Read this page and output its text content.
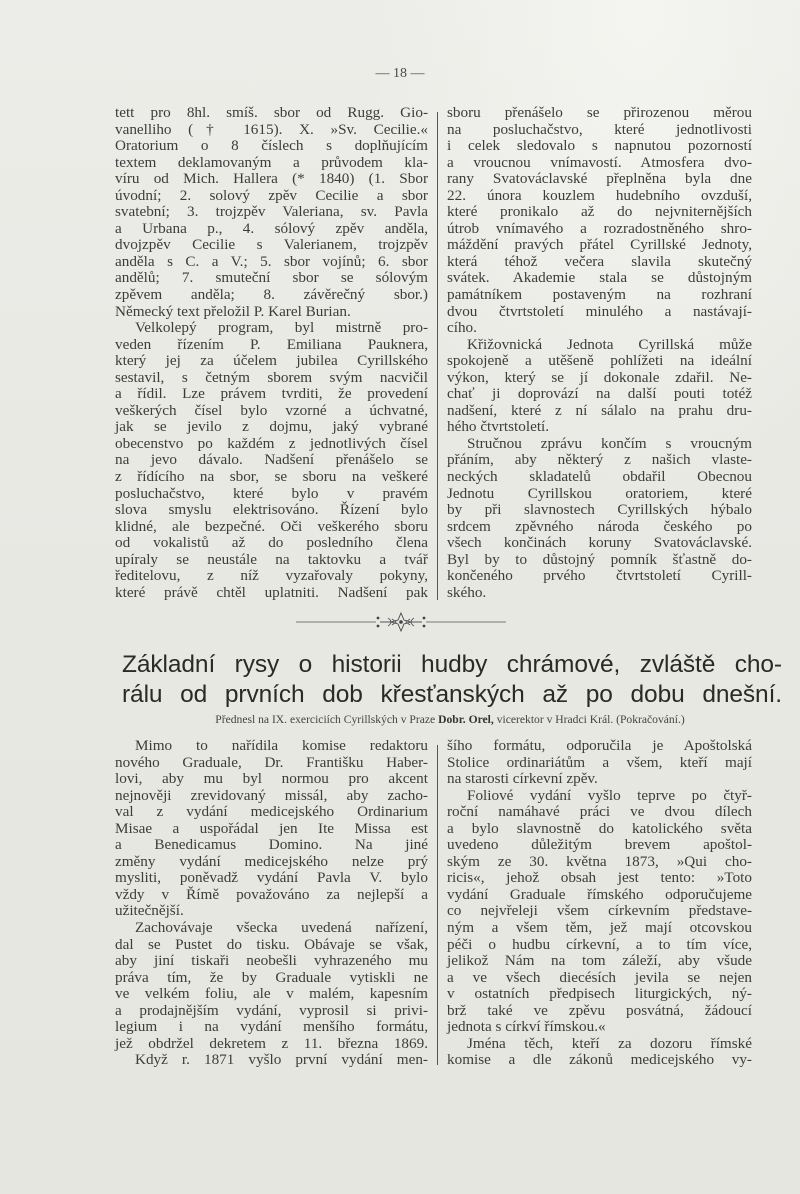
— 18 —
tett pro 8hl. smíš. sbor od Rugg. Gio-
vanelliho († 1615). X. »Sv. Cecilie.«
Oratorium o 8 číslech s doplňujícím
textem deklamovaným a průvodem kla-
víru od Mich. Hallera (* 1840) (1. Sbor
úvodní; 2. solový zpěv Cecilie a sbor
svatební; 3. trojzpěv Valeriana, sv. Pavla
a Urbana p., 4. sólový zpěv anděla,
dvojzpěv Cecilie s Valerianem, trojzpěv
anděla s C. a V.; 5. sbor vojínů; 6. sbor
andělů; 7. smuteční sbor se sólovým
zpěvem anděla; 8. závěrečný sbor.)
Německý text přeložil P. Karel Burian.
Velkolepý program, byl mistrně pro-
veden řízením P. Emiliana Pauknera,
který jej za účelem jubilea Cyrillského
sestavil, s četným sborem svým nacvičil
a řídil. Lze právem tvrditi, že provedení
veškerých čísel bylo vzorné a úchvatné,
jak se jevilo z dojmu, jaký vybrané
obecenstvo po každém z jednotlivých čísel
na jevo dávalo. Nadšení přenášelo se
z řídícího na sbor, se sboru na veškeré
posluchačstvo, které bylo v pravém
slova smyslu elektrisováno. Řízení bylo
klidné, ale bezpečné. Oči veškerého sboru
od vokalistů až do posledního člena
upíraly se neustále na taktovku a tvář
ředitelovu, z níž vyzařovaly pokyny,
které právě chtěl uplatniti. Nadšení pak
sboru přenášelo se přirozenou měrou
na posluchačstvo, které jednotlivosti
i celek sledovalo s napnutou pozorností
a vroucnou vnímavostí. Atmosfera dvo-
rany Svatováclavské přeplněna byla dne
22. února kouzlem hudebního ovzduší,
které pronikalo až do nejvniternějších
útrob vnímavého a rozradostněného shro-
máždění pravých přátel Cyrillské Jednoty,
která téhož večera slavila skutečný
svátek. Akademie stala se důstojným
památníkem postaveným na rozhraní
dvou čtvrtstoletí minulého a nastávají-
cího.
Křižovnická Jednota Cyrillská může
spokojeně a utěšeně pohlížeti na ideální
výkon, který se jí dokonale zdařil. Ne-
chať ji doprovází na další pouti totéž
nadšení, které z ní sálalo na prahu dru-
hého čtvrtstoletí.
Stručnou zprávu končím s vroucným
přáním, aby některý z našich vlaste-
neckých skladatelů obdařil Obecnou
Jednotu Cyrillskou oratoriem, které
by při slavnostech Cyrillských hýbalo
srdcem zpěvného národa českého po
všech končinách koruny Svatováclavské.
Byl by to důstojný pomník šťastně do-
končeného prvého čtvrtstoletí Cyrill-
ského.
Základní rysy o historii hudby chrámové, zvláště cho-
rálu od prvních dob křesťanských až po dobu dnešní.
Přednesl na IX. exerciciích Cyrillských v Praze Dobr. Orel, vicerektor v Hradci Král. (Pokračování.)
Mimo to nařídila komise redaktoru
nového Graduale, Dr. Františku Haber-
lovi, aby mu byl normou pro akcent
nejnověji zrevidovaný missál, aby zacho-
val z vydání medicejského Ordinarium
Misae a uspořádal jen Ite Missa est
a Benedicamus Domino. Na jiné
změny vydání medicejského nelze prý
mysliti, poněvadž vydání Pavla V. bylo
vždy v Římě považováno za nejlepší a
užitečnější.
Zachovávaje všecka uvedená nařízení,
dal se Pustet do tisku. Obávaje se však,
aby jiní tiskaři neobešli vyhrazeného mu
práva tím, že by Graduale vytiskli ne
ve velkém foliu, ale v malém, kapesním
a prodajnějším vydání, vyprosil si privi-
legium i na vydání menšího formátu,
jež obdržel dekretem z 11. března 1869.
Když r. 1871 vyšlo první vydání men-
šího formátu, odporučila je Apoštolská
Stolice ordinariátům a všem, kteří mají
na starosti církevní zpěv.
Foliové vydání vyšlo teprve po čtyř-
roční namáhavé práci ve dvou dílech
a bylo slavnostně do katolického světa
uvedeno důležitým brevem apoštol-
ským ze 30. května 1873, »Qui cho-
ricis«, jehož obsah jest tento: »Toto
vydání Graduale římského odporučujeme
co nejvřeleji všem církevním představe-
ným a všem těm, jež mají otcovskou
péči o hudbu církevní, a to tím více,
jelikož Nám na tom záleží, aby všude
a ve všech diecésích jevila se nejen
v ostatních předpisech liturgických, ný-
brž také ve zpěvu posvátná, žádoucí
jednota s církví římskou.«
Jména těch, kteří za dozoru římské
komise a dle zákonů medicejského vy-
